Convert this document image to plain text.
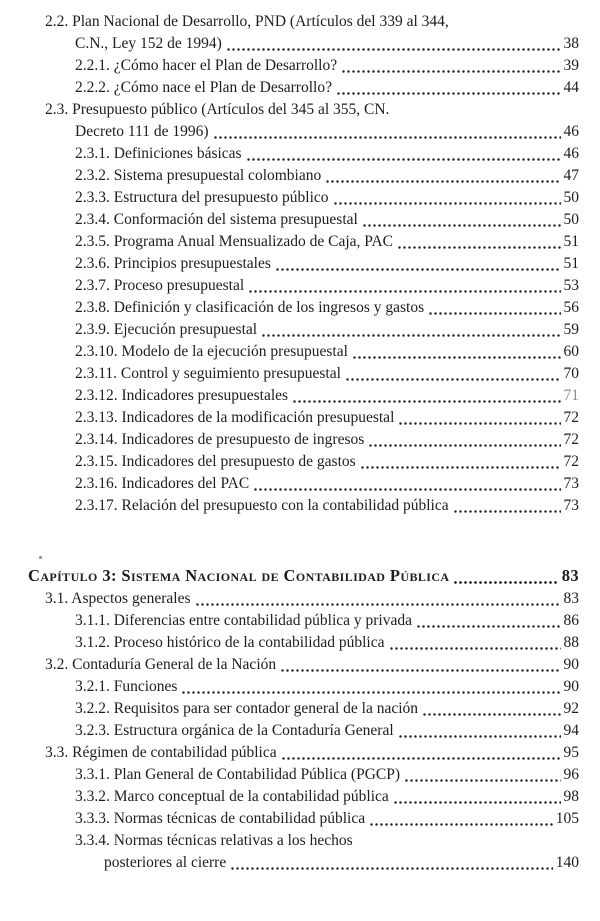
2.2. Plan Nacional de Desarrollo, PND (Artículos del 339 al 344,
C.N., Ley 152 de 1994)	38
2.2.1. ¿Cómo hacer el Plan de Desarrollo?	39
2.2.2. ¿Cómo nace el Plan de Desarrollo?	44
2.3. Presupuesto público (Artículos del 345 al 355, CN.
Decreto 111 de 1996)	46
2.3.1. Definiciones básicas	46
2.3.2. Sistema presupuestal colombiano	47
2.3.3. Estructura del presupuesto público	50
2.3.4. Conformación del sistema presupuestal	50
2.3.5. Programa Anual Mensualizado de Caja, PAC	51
2.3.6. Principios presupuestales	51
2.3.7. Proceso presupuestal	53
2.3.8. Definición y clasificación de los ingresos y gastos	56
2.3.9. Ejecución presupuestal	59
2.3.10. Modelo de la ejecución presupuestal	60
2.3.11. Control y seguimiento presupuestal	70
2.3.12. Indicadores presupuestales	71
2.3.13. Indicadores de la modificación presupuestal	72
2.3.14. Indicadores de presupuesto de ingresos	72
2.3.15. Indicadores del presupuesto de gastos	72
2.3.16. Indicadores del PAC	73
2.3.17. Relación del presupuesto con la contabilidad pública	73
Capítulo 3: Sistema Nacional de Contabilidad Pública	83
3.1. Aspectos generales	83
3.1.1. Diferencias entre contabilidad pública y privada	86
3.1.2. Proceso histórico de la contabilidad pública	88
3.2. Contaduría General de la Nación	90
3.2.1. Funciones	90
3.2.2. Requisitos para ser contador general de la nación	92
3.2.3. Estructura orgánica de la Contaduría General	94
3.3. Régimen de contabilidad pública	95
3.3.1. Plan General de Contabilidad Pública (PGCP)	96
3.3.2. Marco conceptual de la contabilidad pública	98
3.3.3. Normas técnicas de contabilidad pública	105
3.3.4. Normas técnicas relativas a los hechos
posteriores al cierre	140
